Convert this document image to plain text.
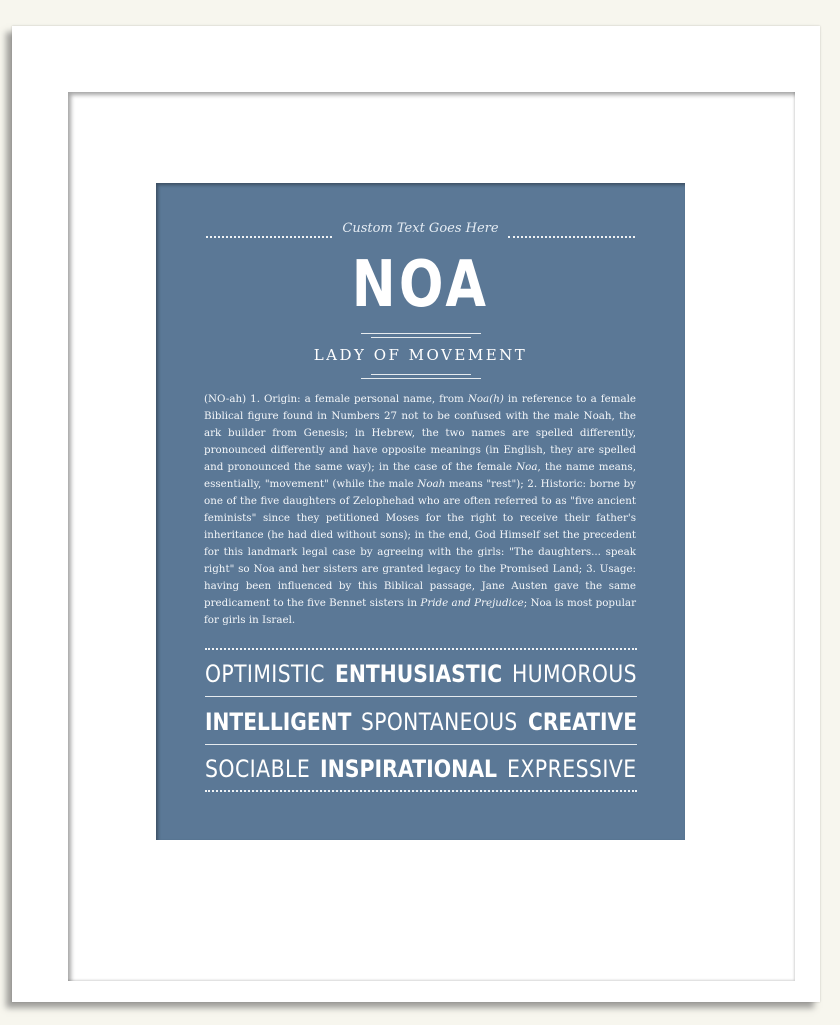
Custom Text Goes Here
NOA
LADY OF MOVEMENT
(NO-ah) 1. Origin: a female personal name, from Noa(h) in reference to a female Biblical figure found in Numbers 27 not to be confused with the male Noah, the ark builder from Genesis; in Hebrew, the two names are spelled differently, pronounced differently and have opposite meanings (in English, they are spelled and pronounced the same way); in the case of the female Noa, the name means, essentially, "movement" (while the male Noah means "rest"); 2. Historic: borne by one of the five daughters of Zelophehad who are often referred to as "five ancient feminists" since they petitioned Moses for the right to receive their father's inheritance (he had died without sons); in the end, God Himself set the precedent for this landmark legal case by agreeing with the girls: "The daughters... speak right" so Noa and her sisters are granted legacy to the Promised Land; 3. Usage: having been influenced by this Biblical passage, Jane Austen gave the same predicament to the five Bennet sisters in Pride and Prejudice; Noa is most popular for girls in Israel.
OPTIMISTIC ENTHUSIASTIC HUMOROUS
INTELLIGENT SPONTANEOUS CREATIVE
SOCIABLE INSPIRATIONAL EXPRESSIVE
